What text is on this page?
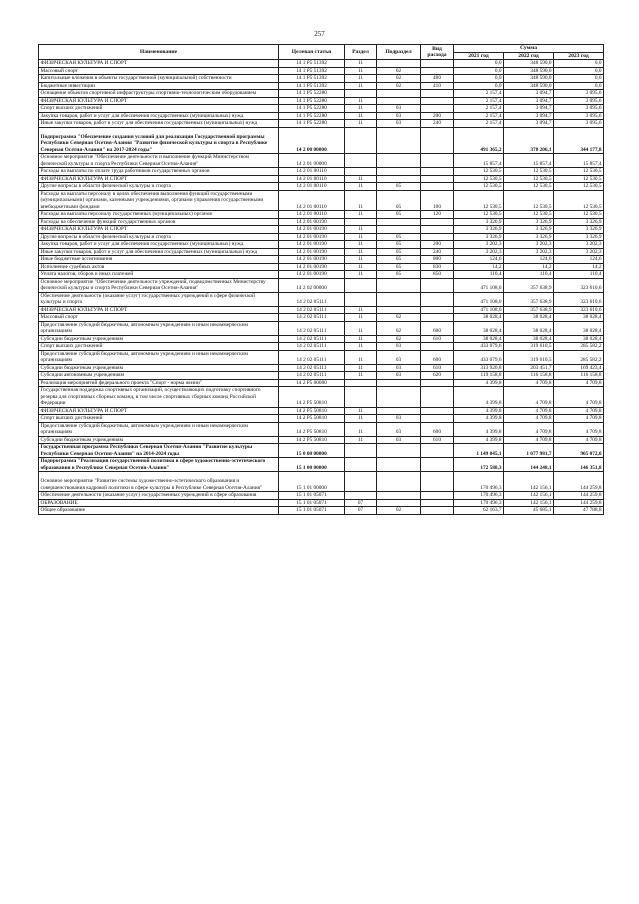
257
Наименование	Целевая статья	Раздел	Подраздел	Вид расхода	Сумма		
					2021 год	2022 год	2023 год
ФИЗИЧЕСКАЯ КУЛЬТУРА И СПОРТ	14 1 P5 51392	11			0,0	348 590,0	0,0
Массовый спорт	14 1 P5 51392	11	02		0,0	348 590,0	0,0
Капитальные вложения в объекты государственной (муниципальной) собственности	14 1 P5 51392	11	02	400	0,0	348 590,0	0,0
Бюджетные инвестиции	14 1 P5 51392	11	02	410	0,0	348 590,0	0,0
Оснащение объектов спортивной инфраструктуры спортивно-технологическим оборудованием	14 1 P5 52280				2 157,4	3 094,7	3 095,6
ФИЗИЧЕСКАЯ КУЛЬТУРА И СПОРТ	14 1 P5 52280	11			2 157,4	3 094,7	3 095,6
Спорт высших достижений	14 1 P5 52280	11	03		2 157,4	3 094,7	3 095,6
Закупка товаров, работ и услуг для обеспечения государственных (муниципальных) нужд	14 1 P5 52280	11	03	200	2 157,4	3 094,7	3 095,6
Иные закупки товаров, работ и услуг для обеспечения государственных (муниципальных) нужд	14 1 P5 52280	11	03	240	2 157,4	3 094,7	3 095,6
Подпрограмма "Обеспечение создания условий для реализации Государственной программы Республики Северная Осетия-Алания "Развитие физической культуры и спорта в Республике Северная Осетия-Алания" на 2017-2024 годы"	14 2 00 00000				491 365,2	378 206,1	344 177,8
Основное мероприятие "Обеспечение деятельности и выполнение функций Министерством физической культуры и спорта Республики Северная Осетия-Алания"	14 2 01 00000				15 857,4	15 857,4	15 857,4
Расходы на выплаты по оплате труда работников государственных органов	14 2 01 00110				12 530,5	12 530,5	12 530,5
ФИЗИЧЕСКАЯ КУЛЬТУРА И СПОРТ	14 2 01 00110	11			12 530,5	12 530,5	12 530,5
Другие вопросы в области физической культуры и спорта	14 2 01 00110	11	05		12 530,5	12 530,5	12 530,5
Расходы на выплаты персоналу в целях обеспечения выполнения функций государственными (муниципальными) органами, казенными учреждениями, органами управления государственными внебюджетными фондами	14 2 01 00110	11	05	100	12 530,5	12 530,5	12 530,5
Расходы на выплаты персоналу государственных (муниципальных) органов	14 2 01 00110	11	05	120	12 530,5	12 530,5	12 530,5
Расходы на обеспечение функций государственных органов	14 2 01 00190				3 326,9	3 326,9	3 326,9
ФИЗИЧЕСКАЯ КУЛЬТУРА И СПОРТ	14 2 01 00190	11			3 326,9	3 326,9	3 326,9
Другие вопросы в области физической культуры и спорта	14 2 01 00190	11	05		3 326,9	3 326,9	3 326,9
Закупка товаров, работ и услуг для обеспечения государственных (муниципальных) нужд	14 2 01 00190	11	05	200	3 202,3	3 202,3	3 202,3
Иные закупки товаров, работ и услуг для обеспечения государственных (муниципальных) нужд	14 2 01 00190	11	05	240	3 202,3	3 202,3	3 202,3
Иные бюджетные ассигнования	14 2 01 00190	11	05	800	124,6	124,6	124,6
Исполнение судебных актов	14 2 01 00190	11	05	830	14,2	14,2	14,2
Уплата налогов, сборов и иных платежей	14 2 01 00190	11	05	850	110,4	110,4	110,4
Основное мероприятие "Обеспечение деятельности учреждений, подведомственных Министерству физической культуры и спорта Республики Северная Осетия-Алания"	14 2 02 00000				471 108,0	357 638,9	323 610,6
Обеспечение деятельности (оказание услуг) государственных учреждений в сфере физической культуры и спорта	14 2 02 05111				471 108,0	357 638,9	323 610,6
ФИЗИЧЕСКАЯ КУЛЬТУРА И СПОРТ	14 2 02 05111	11			471 108,0	357 638,9	323 610,6
Массовый спорт	14 2 02 05111	11	02		38 028,4	38 028,4	38 028,4
Предоставление субсидий бюджетным, автономным учреждениям и иным некоммерческим организациям	14 2 02 05111	11	02	600	38 028,4	38 028,4	38 028,4
Субсидии бюджетным учреждениям	14 2 02 05111	11	02	610	38 028,4	38 028,4	38 028,4
Спорт высших достижений	14 2 02 05111	11	03		433 079,6	319 610,5	285 582,2
Предоставление субсидий бюджетным, автономным учреждениям и иным некоммерческим организациям	14 2 02 05111	11	03	600	433 079,6	319 610,5	285 582,2
Субсидии бюджетным учреждениям	14 2 02 05111	11	03	610	313 920,8	203 451,7	169 423,4
Субсидии автономным учреждениям	14 2 02 05111	11	03	620	119 158,8	116 158,8	116 158,8
Реализация мероприятий федерального проекта "Спорт - норма жизни"	14 2 P5 00000				4 399,8	4 709,8	4 709,8
Государственная поддержка спортивных организаций, осуществляющих подготовку спортивного резерва для спортивных сборных команд, в том числе спортивных сборных команд Российской Федерации	14 2 P5 50810				4 399,8	4 709,8	4 709,8
ФИЗИЧЕСКАЯ КУЛЬТУРА И СПОРТ	14 2 P5 50810	11			4 399,8	4 709,8	4 709,8
Спорт высших достижений	14 2 P5 50810	11	03		4 399,8	4 709,8	4 709,8
Предоставление субсидий бюджетным, автономным учреждениям и иным некоммерческим организациям	14 2 P5 50810	11	03	600	4 399,8	4 709,8	4 709,8
Субсидии бюджетным учреждениям	14 2 P5 50810	11	03	610	4 399,8	4 709,8	4 709,8
Государственная программа Республики Северная Осетия-Алания "Развитие культуры Республики Северная Осетия-Алания" на 2014-2024 годы	15 0 00 00000				1 149 045,1	1 077 981,7	905 072,0
Подпрограмма "Реализация государственной политики в сфере художественно-эстетического образования в Республике Северная Осетия-Алания"	15 1 00 00000				172 588,3	144 248,1	146 351,8
Основное мероприятие "Развитие системы художественно-эстетического образования и совершенствования кадровой политики в сфере культуры в Республике Северная Осетия-Алания"	15 1 01 00000				170 496,3	142 156,1	144 259,8
Обеспечение деятельности (оказание услуг) государственных учреждений в сфере образования	15 1 01 05071				170 496,3	142 156,1	144 259,8
ОБРАЗОВАНИЕ	15 1 01 05071	07			170 496,3	142 156,1	144 259,8
Общее образование	15 1 01 05071	07	02		62 163,7	45 685,1	47 788,8
